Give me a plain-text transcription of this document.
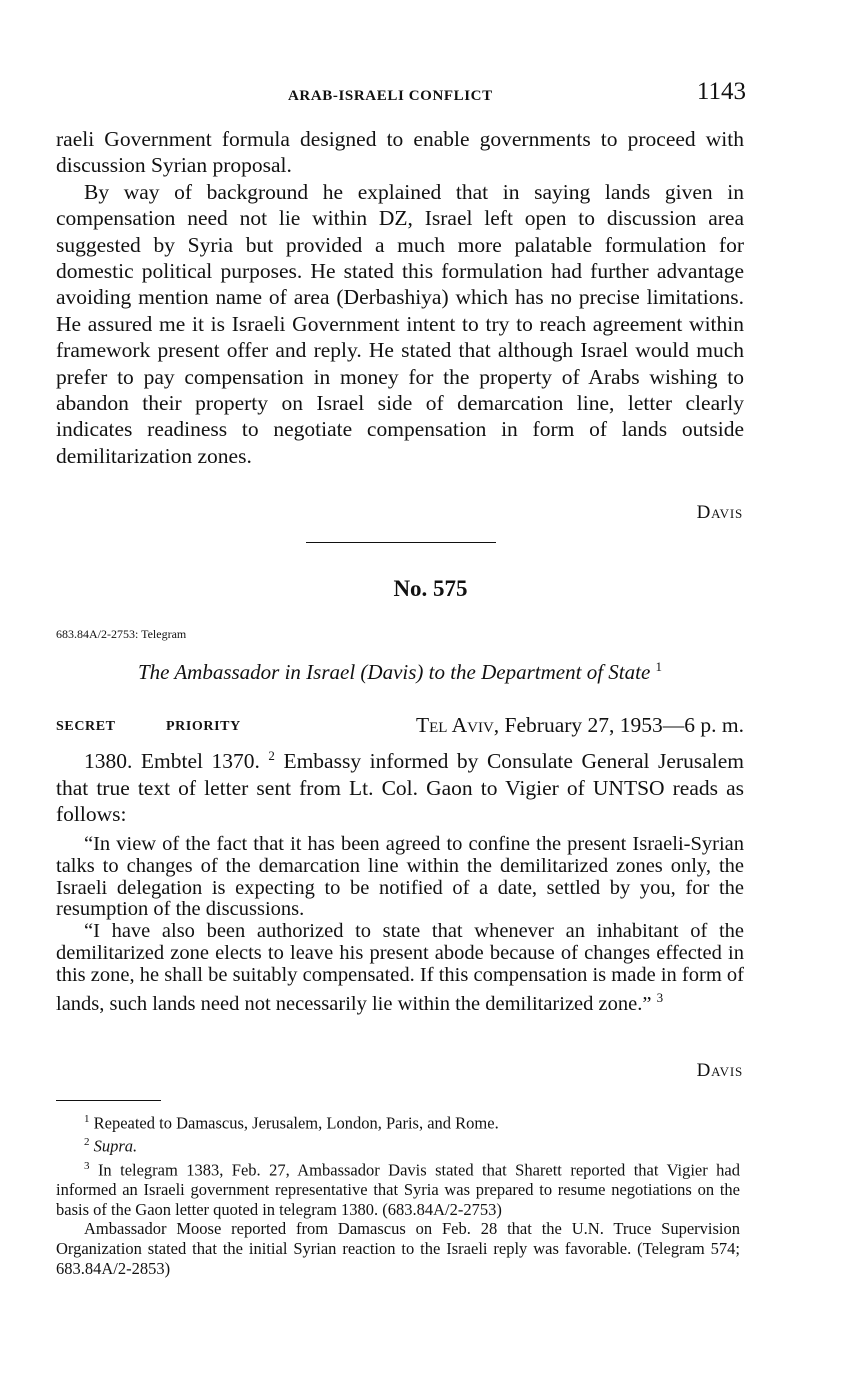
ARAB-ISRAELI CONFLICT	1143

raeli Government formula designed to enable governments to proceed with discussion Syrian proposal.

By way of background he explained that in saying lands given in compensation need not lie within DZ, Israel left open to discussion area suggested by Syria but provided a much more palatable formulation for domestic political purposes. He stated this formulation had further advantage avoiding mention name of area (Derbashiya) which has no precise limitations. He assured me it is Israeli Government intent to try to reach agreement within framework present offer and reply. He stated that although Israel would much prefer to pay compensation in money for the property of Arabs wishing to abandon their property on Israel side of demarcation line, letter clearly indicates readiness to negotiate compensation in form of lands outside demilitarization zones.

Davis
No. 575
683.84A/2-2753: Telegram
The Ambassador in Israel (Davis) to the Department of State $^1$
SECRET	PRIORITY	Tel Aviv, February 27, 1953—6 p. m.

1380. Embtel 1370. $^2$ Embassy informed by Consulate General Jerusalem that true text of letter sent from Lt. Col. Gaon to Vigier of UNTSO reads as follows:

“In view of the fact that it has been agreed to confine the present Israeli-Syrian talks to changes of the demarcation line within the demilitarized zones only, the Israeli delegation is expecting to be notified of a date, settled by you, for the resumption of the discussions.

“I have also been authorized to state that whenever an inhabitant of the demilitarized zone elects to leave his present abode because of changes effected in this zone, he shall be suitably compensated. If this compensation is made in form of lands, such lands need not necessarily lie within the demilitarized zone.” $^3$

Davis

$^1$ Repeated to Damascus, Jerusalem, London, Paris, and Rome.

$^2$ Supra.

$^3$ In telegram 1383, Feb. 27, Ambassador Davis stated that Sharett reported that Vigier had informed an Israeli government representative that Syria was prepared to resume negotiations on the basis of the Gaon letter quoted in telegram 1380. (683.84A/2-2753)

Ambassador Moose reported from Damascus on Feb. 28 that the U.N. Truce Supervision Organization stated that the initial Syrian reaction to the Israeli reply was favorable. (Telegram 574; 683.84A/2-2853)
